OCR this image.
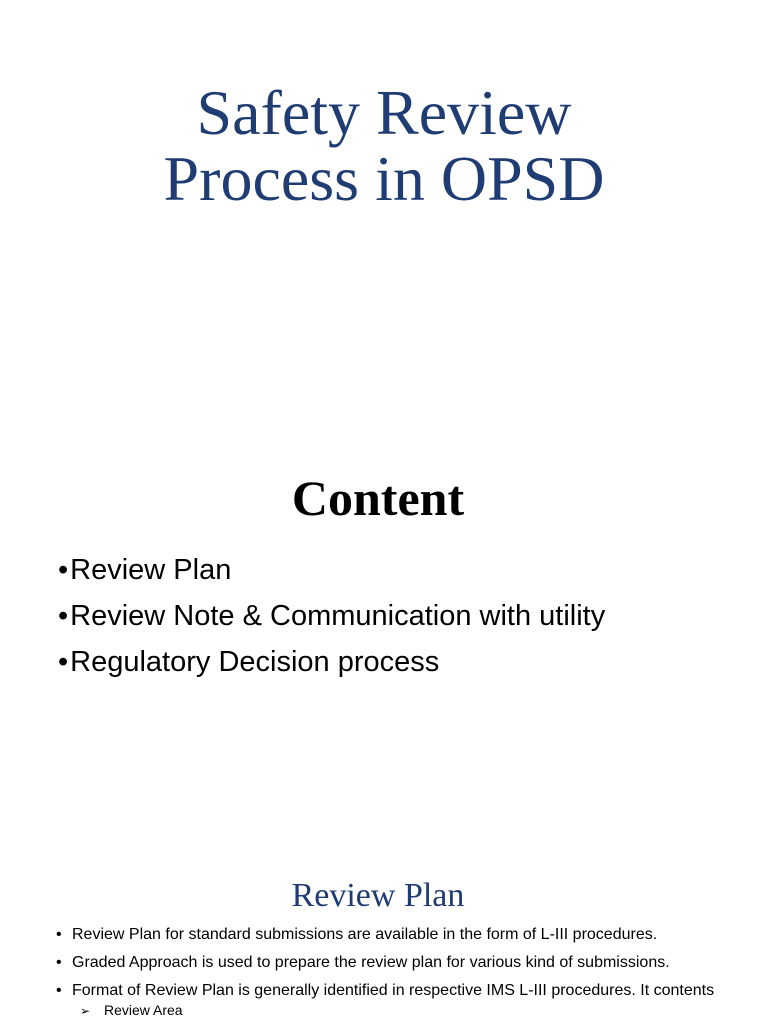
Safety Review
Process in OPSD
Content
•Review Plan
•Review Note & Communication with utility
•Regulatory Decision process
Review Plan
• Review Plan for standard submissions are available in the form of L-III procedures.
• Graded Approach is used to prepare the review plan for various kind of submissions.
• Format of Review Plan is generally identified in respective IMS L-III procedures. It contents
➢ Review Area
